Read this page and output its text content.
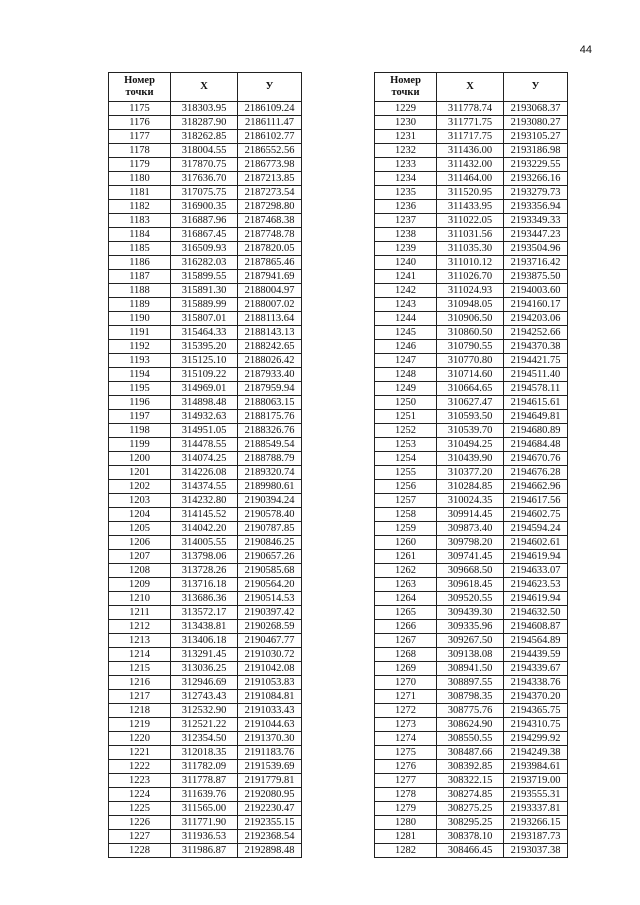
44
Номер
точки	X	У
1175	318303.95	2186109.24
1176	318287.90	2186111.47
1177	318262.85	2186102.77
1178	318004.55	2186552.56
1179	317870.75	2186773.98
1180	317636.70	2187213.85
1181	317075.75	2187273.54
1182	316900.35	2187298.80
1183	316887.96	2187468.38
1184	316867.45	2187748.78
1185	316509.93	2187820.05
1186	316282.03	2187865.46
1187	315899.55	2187941.69
1188	315891.30	2188004.97
1189	315889.99	2188007.02
1190	315807.01	2188113.64
1191	315464.33	2188143.13
1192	315395.20	2188242.65
1193	315125.10	2188026.42
1194	315109.22	2187933.40
1195	314969.01	2187959.94
1196	314898.48	2188063.15
1197	314932.63	2188175.76
1198	314951.05	2188326.76
1199	314478.55	2188549.54
1200	314074.25	2188788.79
1201	314226.08	2189320.74
1202	314374.55	2189980.61
1203	314232.80	2190394.24
1204	314145.52	2190578.40
1205	314042.20	2190787.85
1206	314005.55	2190846.25
1207	313798.06	2190657.26
1208	313728.26	2190585.68
1209	313716.18	2190564.20
1210	313686.36	2190514.53
1211	313572.17	2190397.42
1212	313438.81	2190268.59
1213	313406.18	2190467.77
1214	313291.45	2191030.72
1215	313036.25	2191042.08
1216	312946.69	2191053.83
1217	312743.43	2191084.81
1218	312532.90	2191033.43
1219	312521.22	2191044.63
1220	312354.50	2191370.30
1221	312018.35	2191183.76
1222	311782.09	2191539.69
1223	311778.87	2191779.81
1224	311639.76	2192080.95
1225	311565.00	2192230.47
1226	311771.90	2192355.15
1227	311936.53	2192368.54
1228	311986.87	2192898.48
Номер
точки	X	У
1229	311778.74	2193068.37
1230	311771.75	2193080.27
1231	311717.75	2193105.27
1232	311436.00	2193186.98
1233	311432.00	2193229.55
1234	311464.00	2193266.16
1235	311520.95	2193279.73
1236	311433.95	2193356.94
1237	311022.05	2193349.33
1238	311031.56	2193447.23
1239	311035.30	2193504.96
1240	311010.12	2193716.42
1241	311026.70	2193875.50
1242	311024.93	2194003.60
1243	310948.05	2194160.17
1244	310906.50	2194203.06
1245	310860.50	2194252.66
1246	310790.55	2194370.38
1247	310770.80	2194421.75
1248	310714.60	2194511.40
1249	310664.65	2194578.11
1250	310627.47	2194615.61
1251	310593.50	2194649.81
1252	310539.70	2194680.89
1253	310494.25	2194684.48
1254	310439.90	2194670.76
1255	310377.20	2194676.28
1256	310284.85	2194662.96
1257	310024.35	2194617.56
1258	309914.45	2194602.75
1259	309873.40	2194594.24
1260	309798.20	2194602.61
1261	309741.45	2194619.94
1262	309668.50	2194633.07
1263	309618.45	2194623.53
1264	309520.55	2194619.94
1265	309439.30	2194632.50
1266	309335.96	2194608.87
1267	309267.50	2194564.89
1268	309138.08	2194439.59
1269	308941.50	2194339.67
1270	308897.55	2194338.76
1271	308798.35	2194370.20
1272	308775.76	2194365.75
1273	308624.90	2194310.75
1274	308550.55	2194299.92
1275	308487.66	2194249.38
1276	308392.85	2193984.61
1277	308322.15	2193719.00
1278	308274.85	2193555.31
1279	308275.25	2193337.81
1280	308295.25	2193266.15
1281	308378.10	2193187.73
1282	308466.45	2193037.38
